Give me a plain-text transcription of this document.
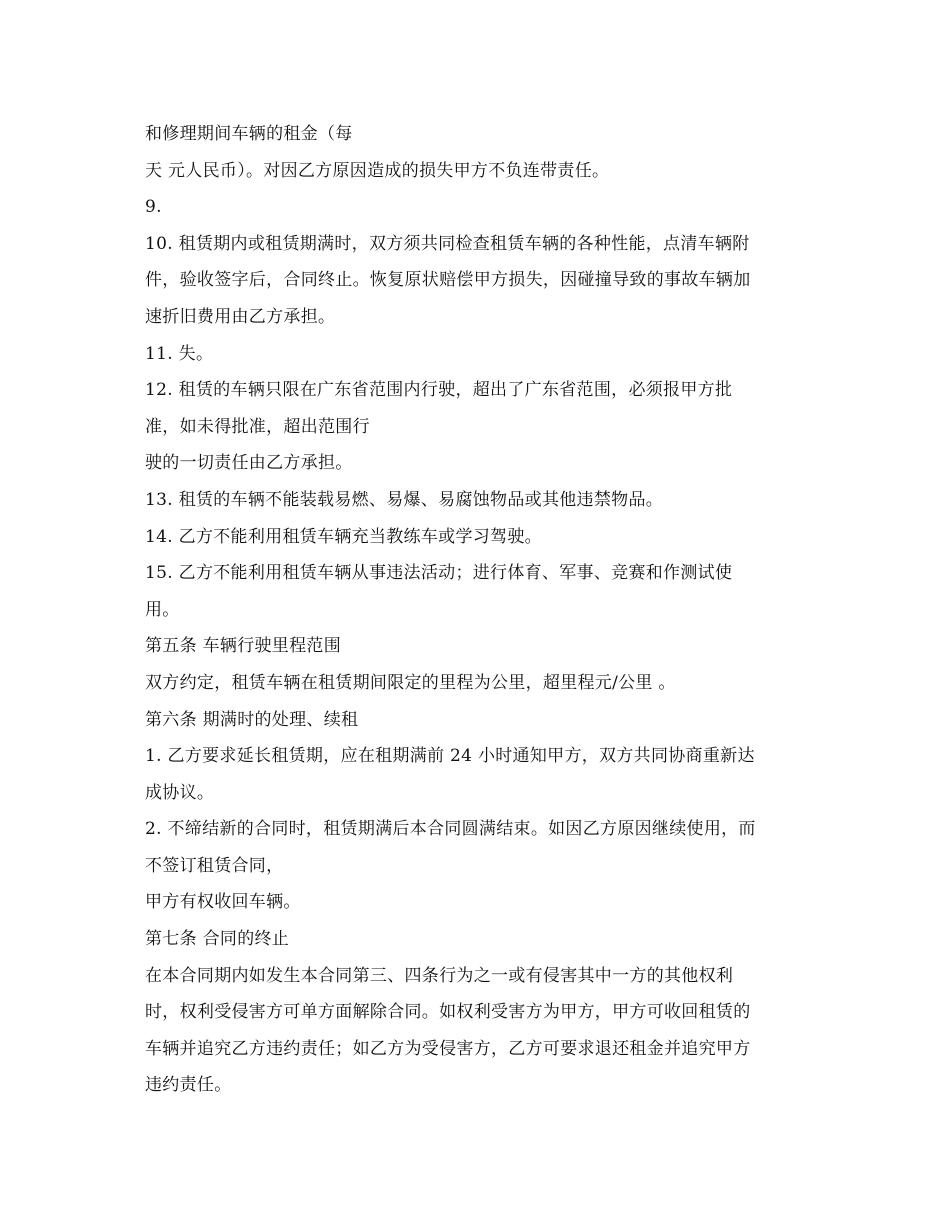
和修理期间车辆的租金（每
天 元人民币）。对因乙方原因造成的损失甲方不负连带责任。
9.
10. 租赁期内或租赁期满时，双方须共同检查租赁车辆的各种性能，点清车辆附
件，验收签字后，合同终止。恢复原状赔偿甲方损失，因碰撞导致的事故车辆加
速折旧费用由乙方承担。
11. 失。
12. 租赁的车辆只限在广东省范围内行驶，超出了广东省范围，必须报甲方批
准，如未得批准，超出范围行
驶的一切责任由乙方承担。
13. 租赁的车辆不能装载易燃、易爆、易腐蚀物品或其他违禁物品。
14. 乙方不能利用租赁车辆充当教练车或学习驾驶。
15. 乙方不能利用租赁车辆从事违法活动；进行体育、军事、竞赛和作测试使
用。
第五条 车辆行驶里程范围
双方约定，租赁车辆在租赁期间限定的里程为公里，超里程元/公里 。
第六条 期满时的处理、续租
1. 乙方要求延长租赁期，应在租期满前 24 小时通知甲方，双方共同协商重新达
成协议。
2. 不缔结新的合同时，租赁期满后本合同圆满结束。如因乙方原因继续使用，而
不签订租赁合同，
甲方有权收回车辆。
第七条 合同的终止
在本合同期内如发生本合同第三、四条行为之一或有侵害其中一方的其他权利
时，权利受侵害方可单方面解除合同。如权利受害方为甲方，甲方可收回租赁的
车辆并追究乙方违约责任；如乙方为受侵害方，乙方可要求退还租金并追究甲方
违约责任。
